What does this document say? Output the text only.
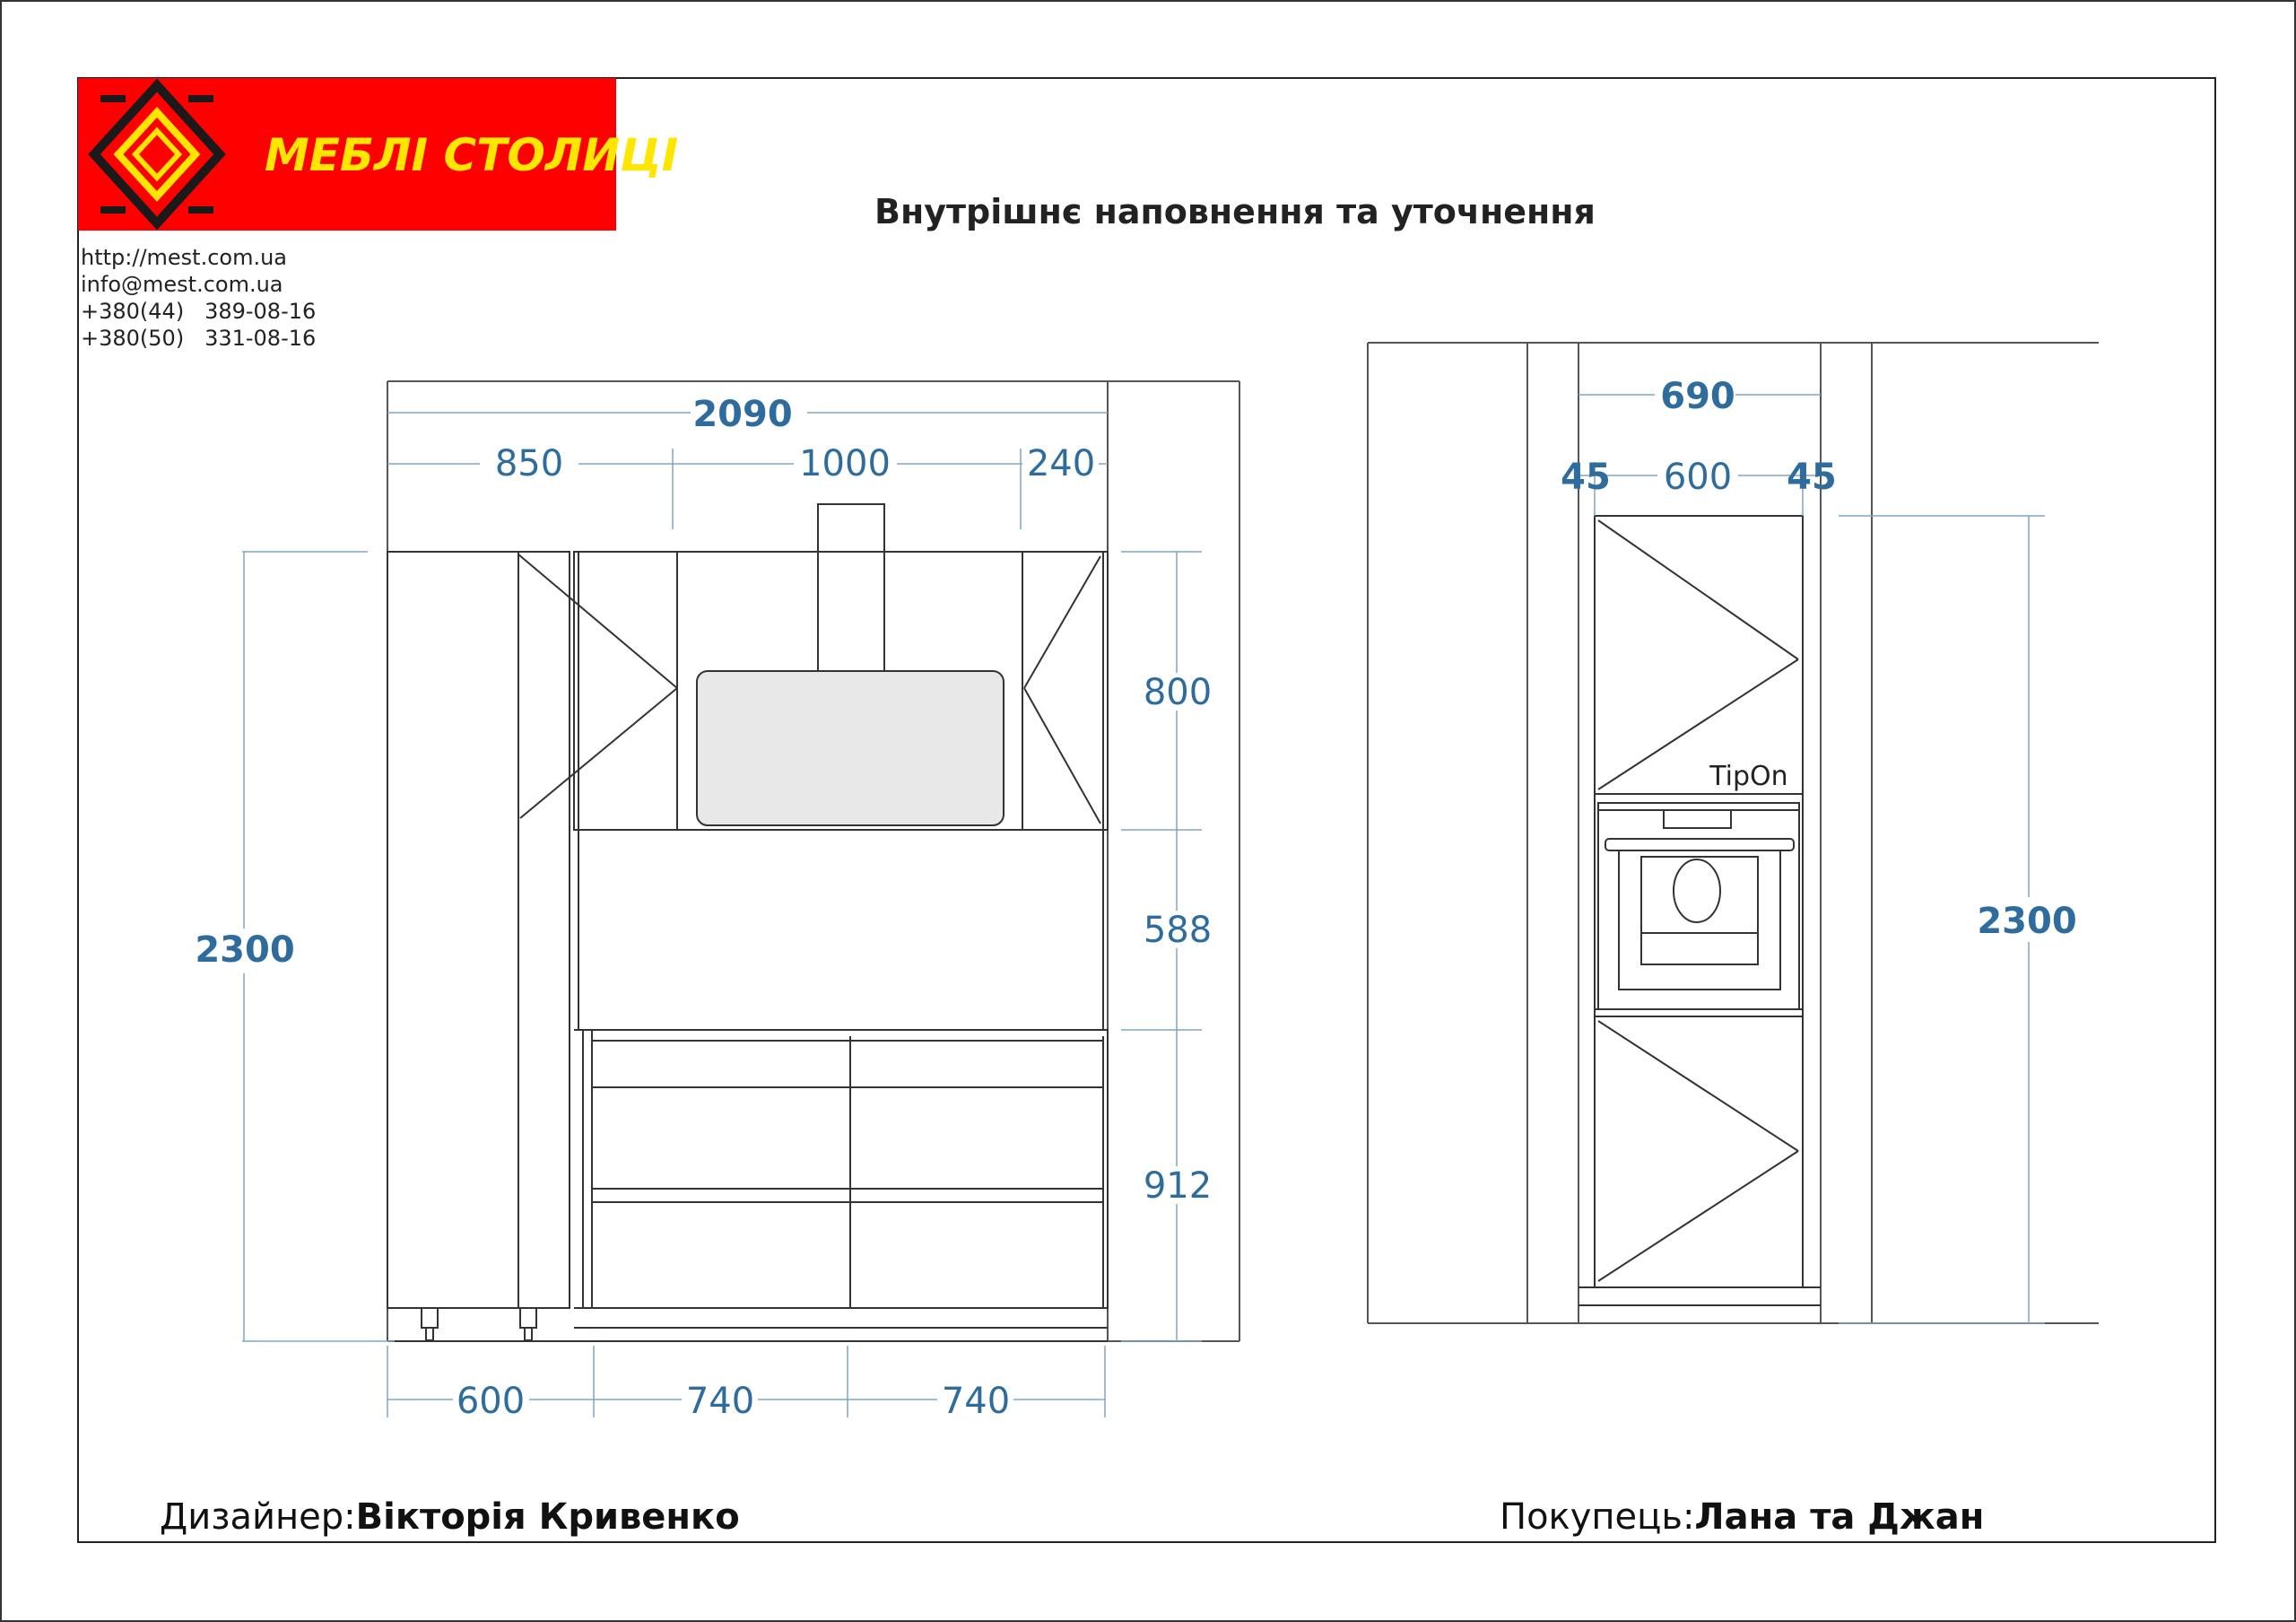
МЕБЛІ СТОЛИЦІ
2090
850	1000	240
2300
800
588
912
600	740	740
690
45 600 45
2300
TipOn
http://mest.com.ua
info@mest.com.ua
+380(44)   389-08-16
+380(50)   331-08-16
Внутрішнє наповнення та уточнення
Дизайнер:Вікторія Кривенко	Покупець:Лана та Джан
